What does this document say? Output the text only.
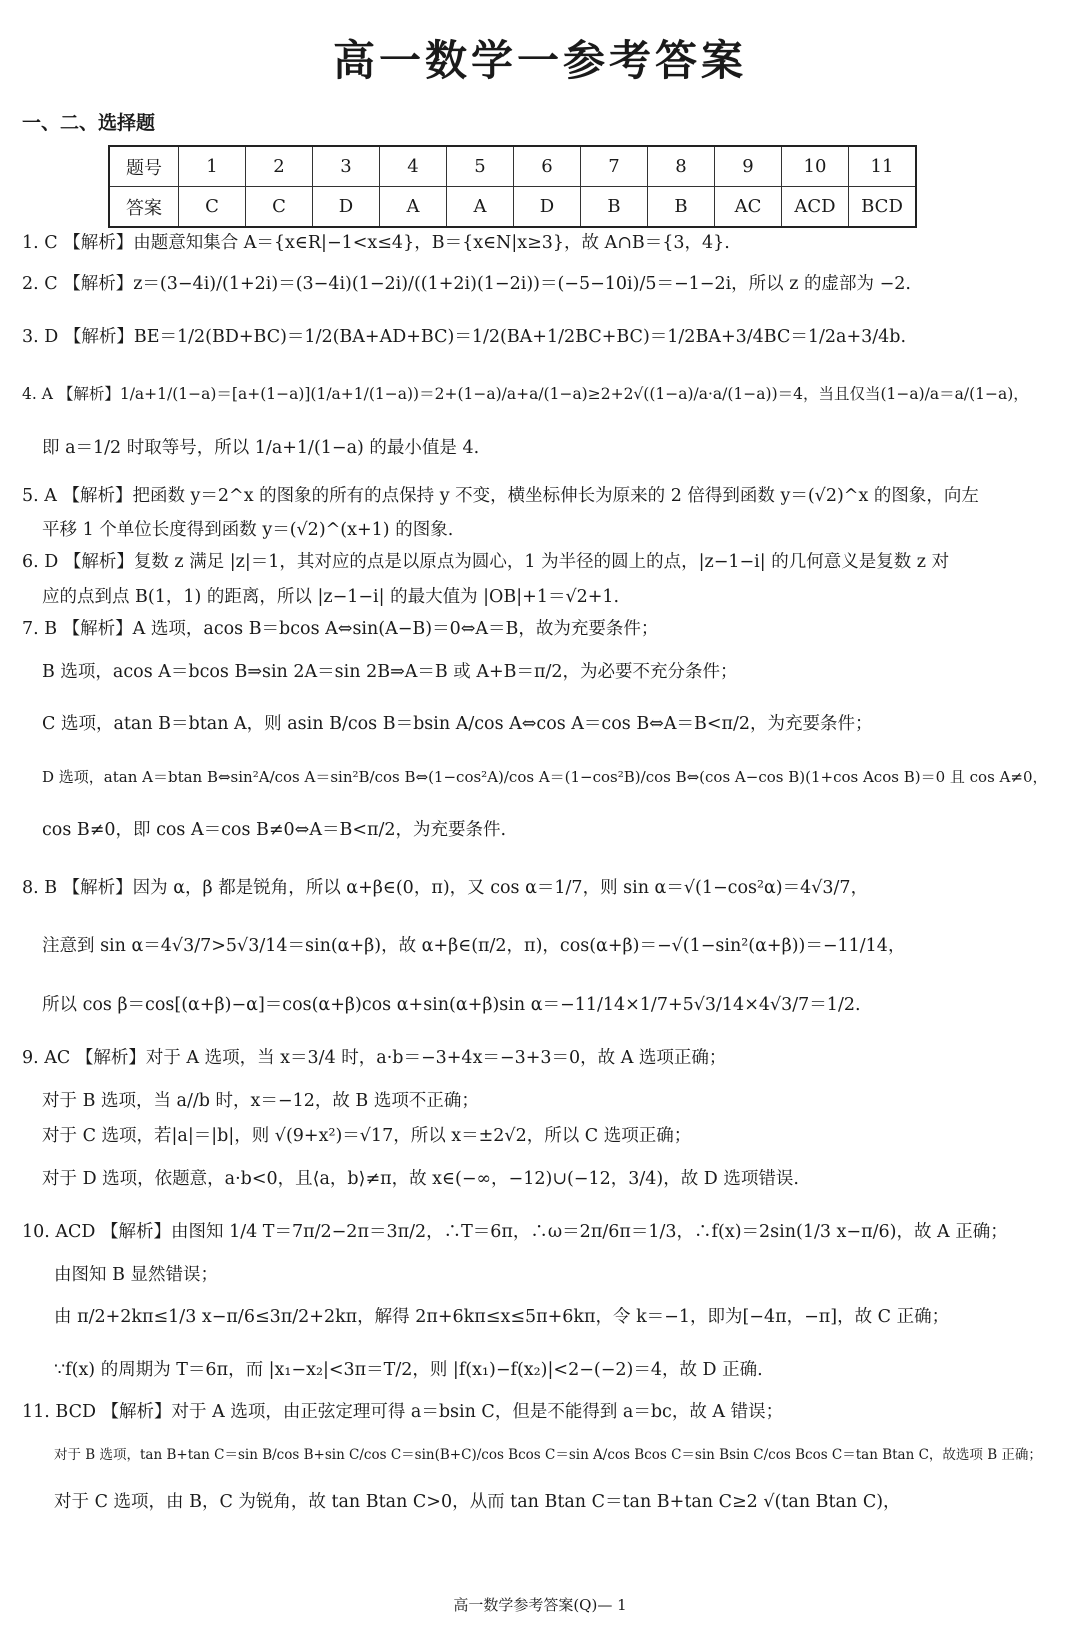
高一数学一参考答案
一、二、选择题
题号	1	2	3	4	5	6	7	8	9	10	11
答案	C	C	D	A	A	D	B	B	AC	ACD	BCD
1. C 【解析】由题意知集合 A＝{x∈R|−1<x≤4}，B＝{x∈N|x≥3}，故 A∩B＝{3，4}.
2. C 【解析】z＝(3−4i)/(1+2i)＝(3−4i)(1−2i)/((1+2i)(1−2i))＝(−5−10i)/5＝−1−2i，所以 z 的虚部为 −2.
3. D 【解析】BE＝1/2(BD+BC)＝1/2(BA+AD+BC)＝1/2(BA+1/2BC+BC)＝1/2BA+3/4BC＝1/2a+3/4b.
4. A 【解析】1/a+1/(1−a)＝[a+(1−a)](1/a+1/(1−a))＝2+(1−a)/a+a/(1−a)≥2+2√((1−a)/a·a/(1−a))＝4，当且仅当(1−a)/a＝a/(1−a)，
即 a＝1/2 时取等号，所以 1/a+1/(1−a) 的最小值是 4.
5. A 【解析】把函数 y＝2^x 的图象的所有的点保持 y 不变，横坐标伸长为原来的 2 倍得到函数 y＝(√2)^x 的图象，向左
平移 1 个单位长度得到函数 y＝(√2)^(x+1) 的图象.
6. D 【解析】复数 z 满足 |z|＝1，其对应的点是以原点为圆心，1 为半径的圆上的点，|z−1−i| 的几何意义是复数 z 对
应的点到点 B(1，1) 的距离，所以 |z−1−i| 的最大值为 |OB|+1＝√2+1.
7. B 【解析】A 选项，acos B＝bcos A⇔sin(A−B)＝0⇔A＝B，故为充要条件；
B 选项，acos A＝bcos B⇒sin 2A＝sin 2B⇒A＝B 或 A+B＝π/2，为必要不充分条件；
C 选项，atan B＝btan A，则 asin B/cos B＝bsin A/cos A⇔cos A＝cos B⇔A＝B<π/2，为充要条件；
D 选项，atan A＝btan B⇔sin²A/cos A＝sin²B/cos B⇔(1−cos²A)/cos A＝(1−cos²B)/cos B⇔(cos A−cos B)(1+cos Acos B)＝0 且 cos A≠0，
cos B≠0，即 cos A＝cos B≠0⇔A＝B<π/2，为充要条件.
8. B 【解析】因为 α，β 都是锐角，所以 α+β∈(0，π)，又 cos α＝1/7，则 sin α＝√(1−cos²α)＝4√3/7，
注意到 sin α＝4√3/7>5√3/14＝sin(α+β)，故 α+β∈(π/2，π)，cos(α+β)＝−√(1−sin²(α+β))＝−11/14，
所以 cos β＝cos[(α+β)−α]＝cos(α+β)cos α+sin(α+β)sin α＝−11/14×1/7+5√3/14×4√3/7＝1/2.
9. AC 【解析】对于 A 选项，当 x＝3/4 时，a·b＝−3+4x＝−3+3＝0，故 A 选项正确；
对于 B 选项，当 a//b 时，x＝−12，故 B 选项不正确；
对于 C 选项，若|a|＝|b|，则 √(9+x²)＝√17，所以 x＝±2√2，所以 C 选项正确；
对于 D 选项，依题意，a·b<0，且⟨a，b⟩≠π，故 x∈(−∞，−12)∪(−12，3/4)，故 D 选项错误.
10. ACD 【解析】由图知 1/4 T＝7π/2−2π＝3π/2，∴T＝6π，∴ω＝2π/6π＝1/3，∴f(x)＝2sin(1/3 x−π/6)，故 A 正确；
由图知 B 显然错误；
由 π/2+2kπ≤1/3 x−π/6≤3π/2+2kπ，解得 2π+6kπ≤x≤5π+6kπ，令 k＝−1，即为[−4π，−π]，故 C 正确；
∵f(x) 的周期为 T＝6π，而 |x₁−x₂|<3π＝T/2，则 |f(x₁)−f(x₂)|<2−(−2)＝4，故 D 正确.
11. BCD 【解析】对于 A 选项，由正弦定理可得 a＝bsin C，但是不能得到 a＝bc，故 A 错误；
对于 B 选项，tan B+tan C＝sin B/cos B+sin C/cos C＝sin(B+C)/cos Bcos C＝sin A/cos Bcos C＝sin Bsin C/cos Bcos C＝tan Btan C，故选项 B 正确；
对于 C 选项，由 B，C 为锐角，故 tan Btan C>0，从而 tan Btan C＝tan B+tan C≥2 √(tan Btan C)，
高一数学参考答案(Q)— 1
